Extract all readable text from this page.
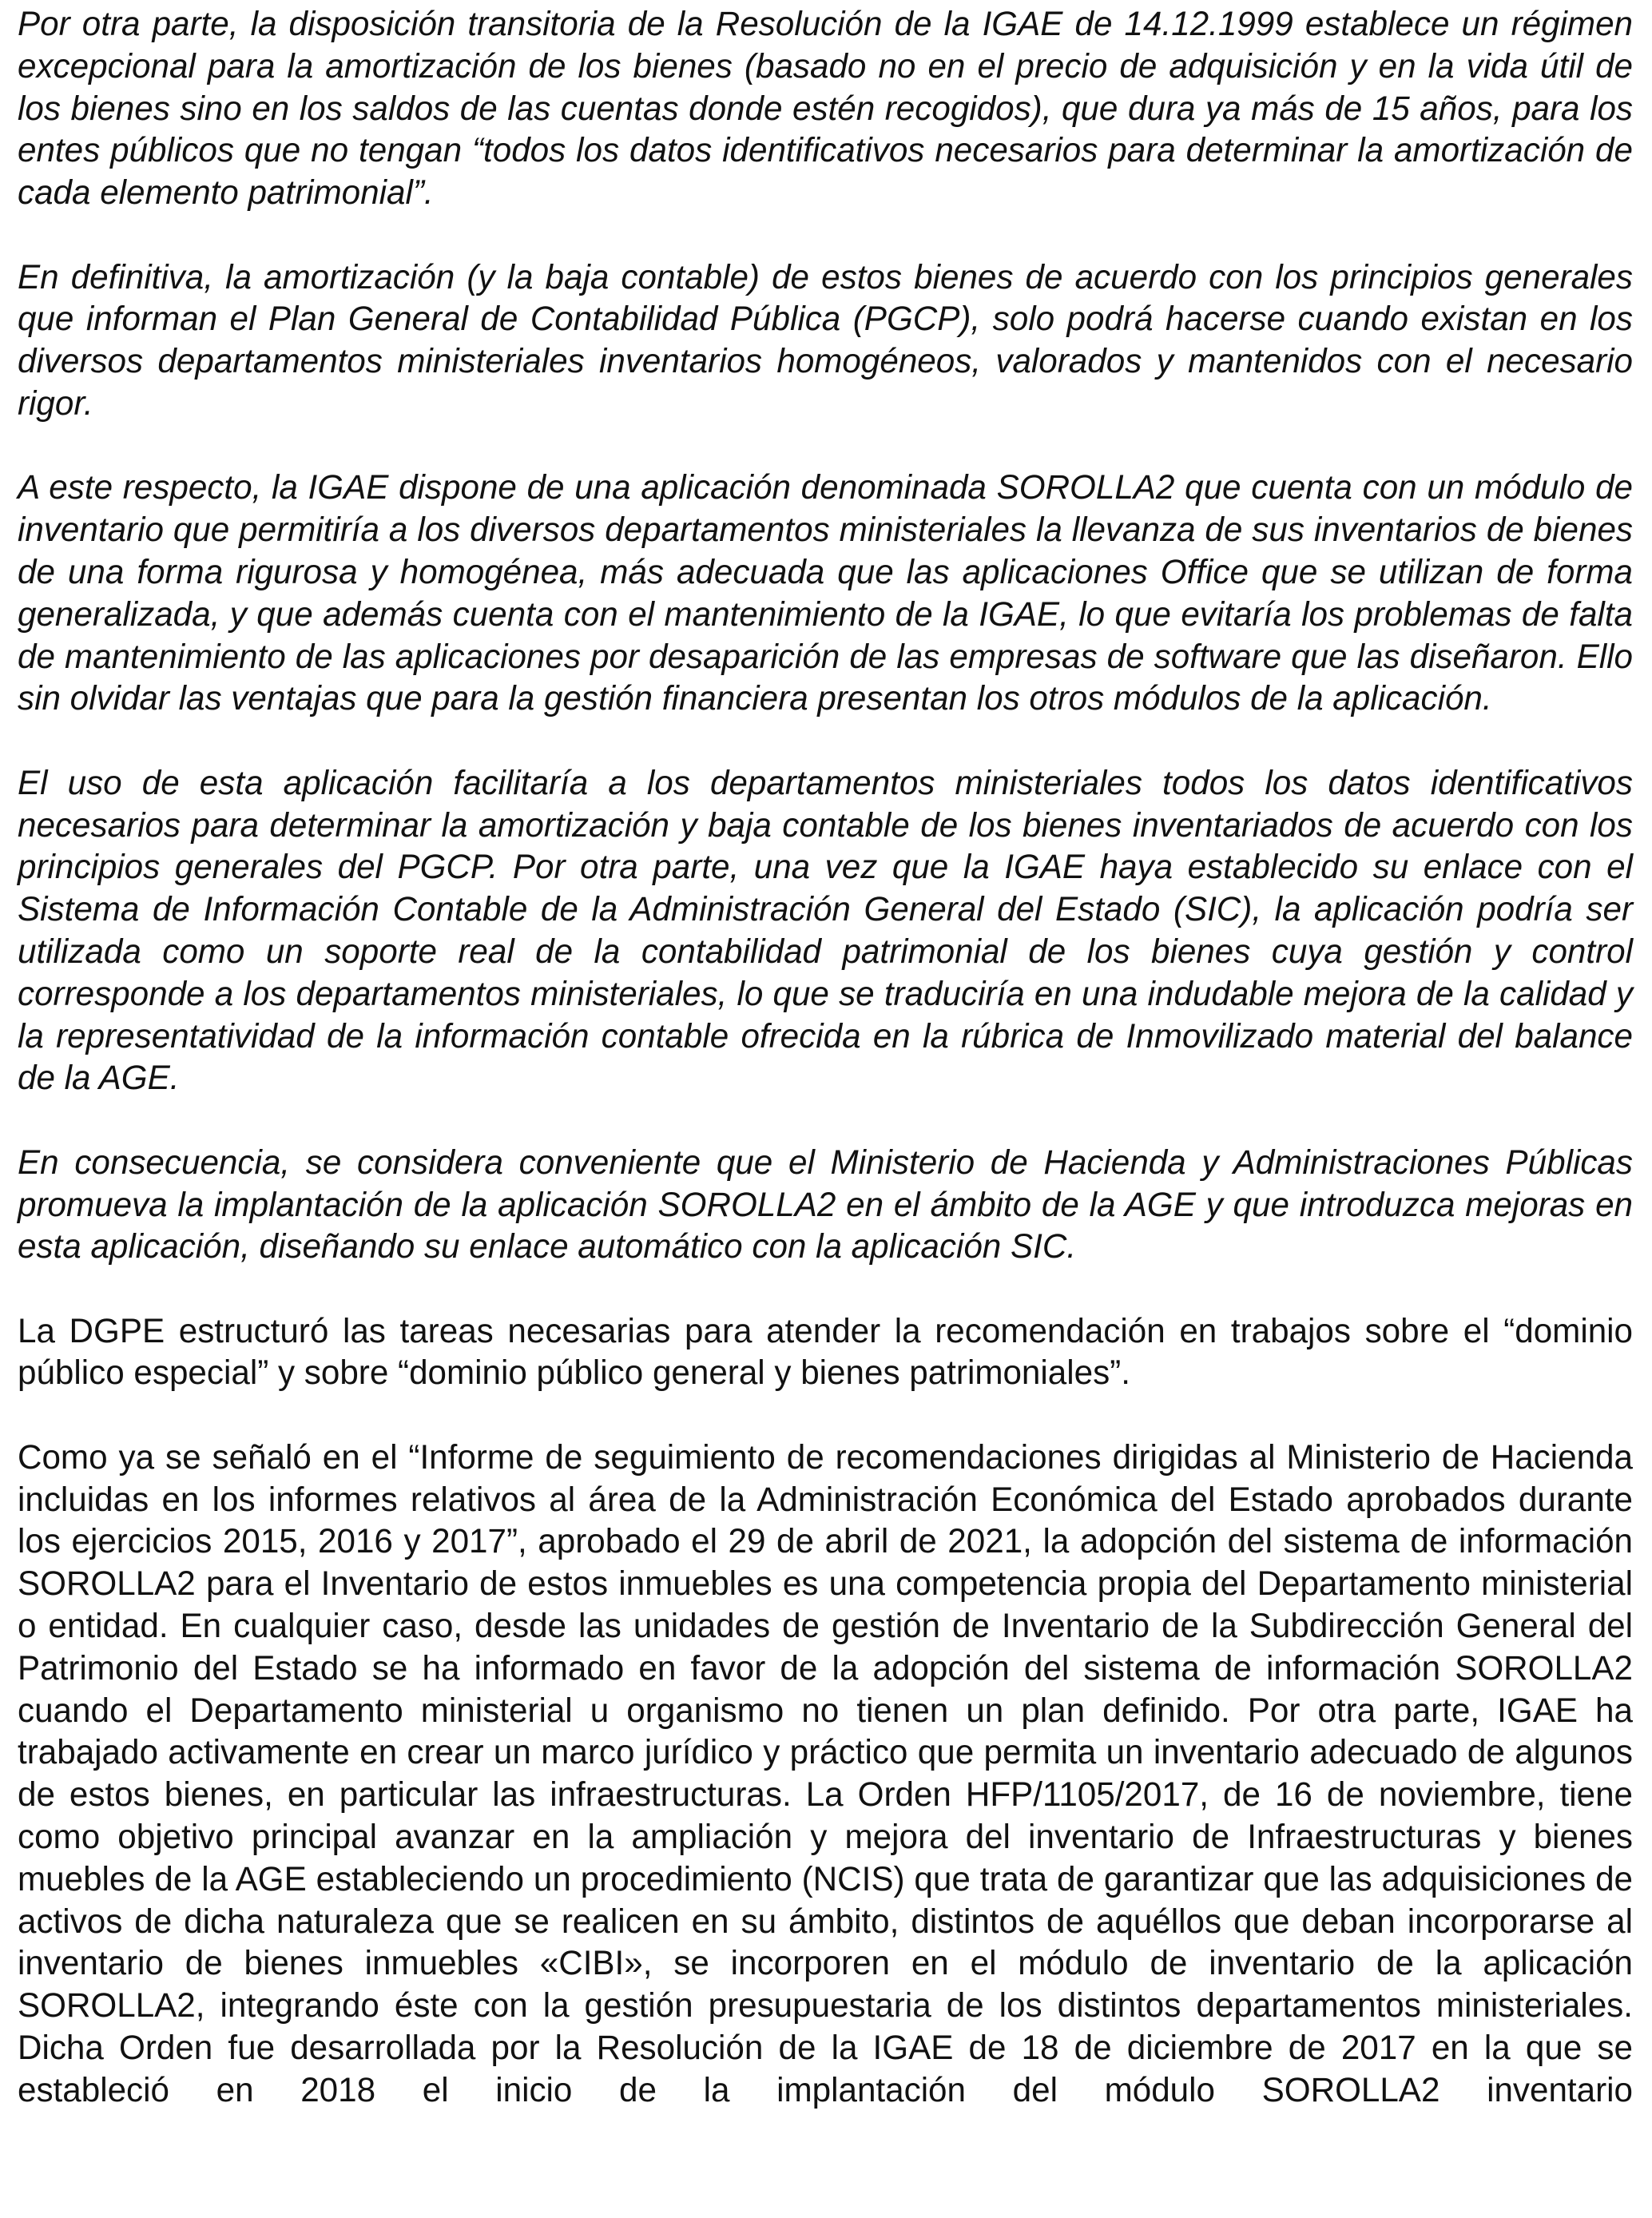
Por otra parte, la disposición transitoria de la Resolución de la IGAE de 14.12.1999 establece un régimen excepcional para la amortización de los bienes (basado no en el precio de adquisición y en la vida útil de los bienes sino en los saldos de las cuentas donde estén recogidos), que dura ya más de 15 años, para los entes públicos que no tengan “todos los datos identificativos necesarios para determinar la amortización de cada elemento patrimonial”.

En definitiva, la amortización (y la baja contable) de estos bienes de acuerdo con los principios generales que informan el Plan General de Contabilidad Pública (PGCP), solo podrá hacerse cuando existan en los diversos departamentos ministeriales inventarios homogéneos, valorados y mantenidos con el necesario rigor.

A este respecto, la IGAE dispone de una aplicación denominada SOROLLA2 que cuenta con un módulo de inventario que permitiría a los diversos departamentos ministeriales la llevanza de sus inventarios de bienes de una forma rigurosa y homogénea, más adecuada que las aplicaciones Office que se utilizan de forma generalizada, y que además cuenta con el mantenimiento de la IGAE, lo que evitaría los problemas de falta de mantenimiento de las aplicaciones por desaparición de las empresas de software que las diseñaron. Ello sin olvidar las ventajas que para la gestión financiera presentan los otros módulos de la aplicación.

El uso de esta aplicación facilitaría a los departamentos ministeriales todos los datos identificativos necesarios para determinar la amortización y baja contable de los bienes inventariados de acuerdo con los principios generales del PGCP. Por otra parte, una vez que la IGAE haya establecido su enlace con el Sistema de Información Contable de la Administración General del Estado (SIC), la aplicación podría ser utilizada como un soporte real de la contabilidad patrimonial de los bienes cuya gestión y control corresponde a los departamentos ministeriales, lo que se traduciría en una indudable mejora de la calidad y la representatividad de la información contable ofrecida en la rúbrica de Inmovilizado material del balance de la AGE.

En consecuencia, se considera conveniente que el Ministerio de Hacienda y Administraciones Públicas promueva la implantación de la aplicación SOROLLA2 en el ámbito de la AGE y que introduzca mejoras en esta aplicación, diseñando su enlace automático con la aplicación SIC.

La DGPE estructuró las tareas necesarias para atender la recomendación en trabajos sobre el “dominio público especial” y sobre “dominio público general y bienes patrimoniales”.

Como ya se señaló en el “Informe de seguimiento de recomendaciones dirigidas al Ministerio de Hacienda incluidas en los informes relativos al área de la Administración Económica del Estado aprobados durante los ejercicios 2015, 2016 y 2017”, aprobado el 29 de abril de 2021, la adopción del sistema de información SOROLLA2 para el Inventario de estos inmuebles es una competencia propia del Departamento ministerial o entidad. En cualquier caso, desde las unidades de gestión de Inventario de la Subdirección General del Patrimonio del Estado se ha informado en favor de la adopción del sistema de información SOROLLA2 cuando el Departamento ministerial u organismo no tienen un plan definido. Por otra parte, IGAE ha trabajado activamente en crear un marco jurídico y práctico que permita un inventario adecuado de algunos de estos bienes, en particular las infraestructuras. La Orden HFP/1105/2017, de 16 de noviembre, tiene como objetivo principal avanzar en la ampliación y mejora del inventario de Infraestructuras y bienes muebles de la AGE estableciendo un procedimiento (NCIS) que trata de garantizar que las adquisiciones de activos de dicha naturaleza que se realicen en su ámbito, distintos de aquéllos que deban incorporarse al inventario de bienes inmuebles «CIBI», se incorporen en el módulo de inventario de la aplicación SOROLLA2, integrando éste con la gestión presupuestaria de los distintos departamentos ministeriales. Dicha Orden fue desarrollada por la Resolución de la IGAE de 18 de diciembre de 2017 en la que se estableció en 2018 el inicio de la implantación del módulo SOROLLA2 inventario
